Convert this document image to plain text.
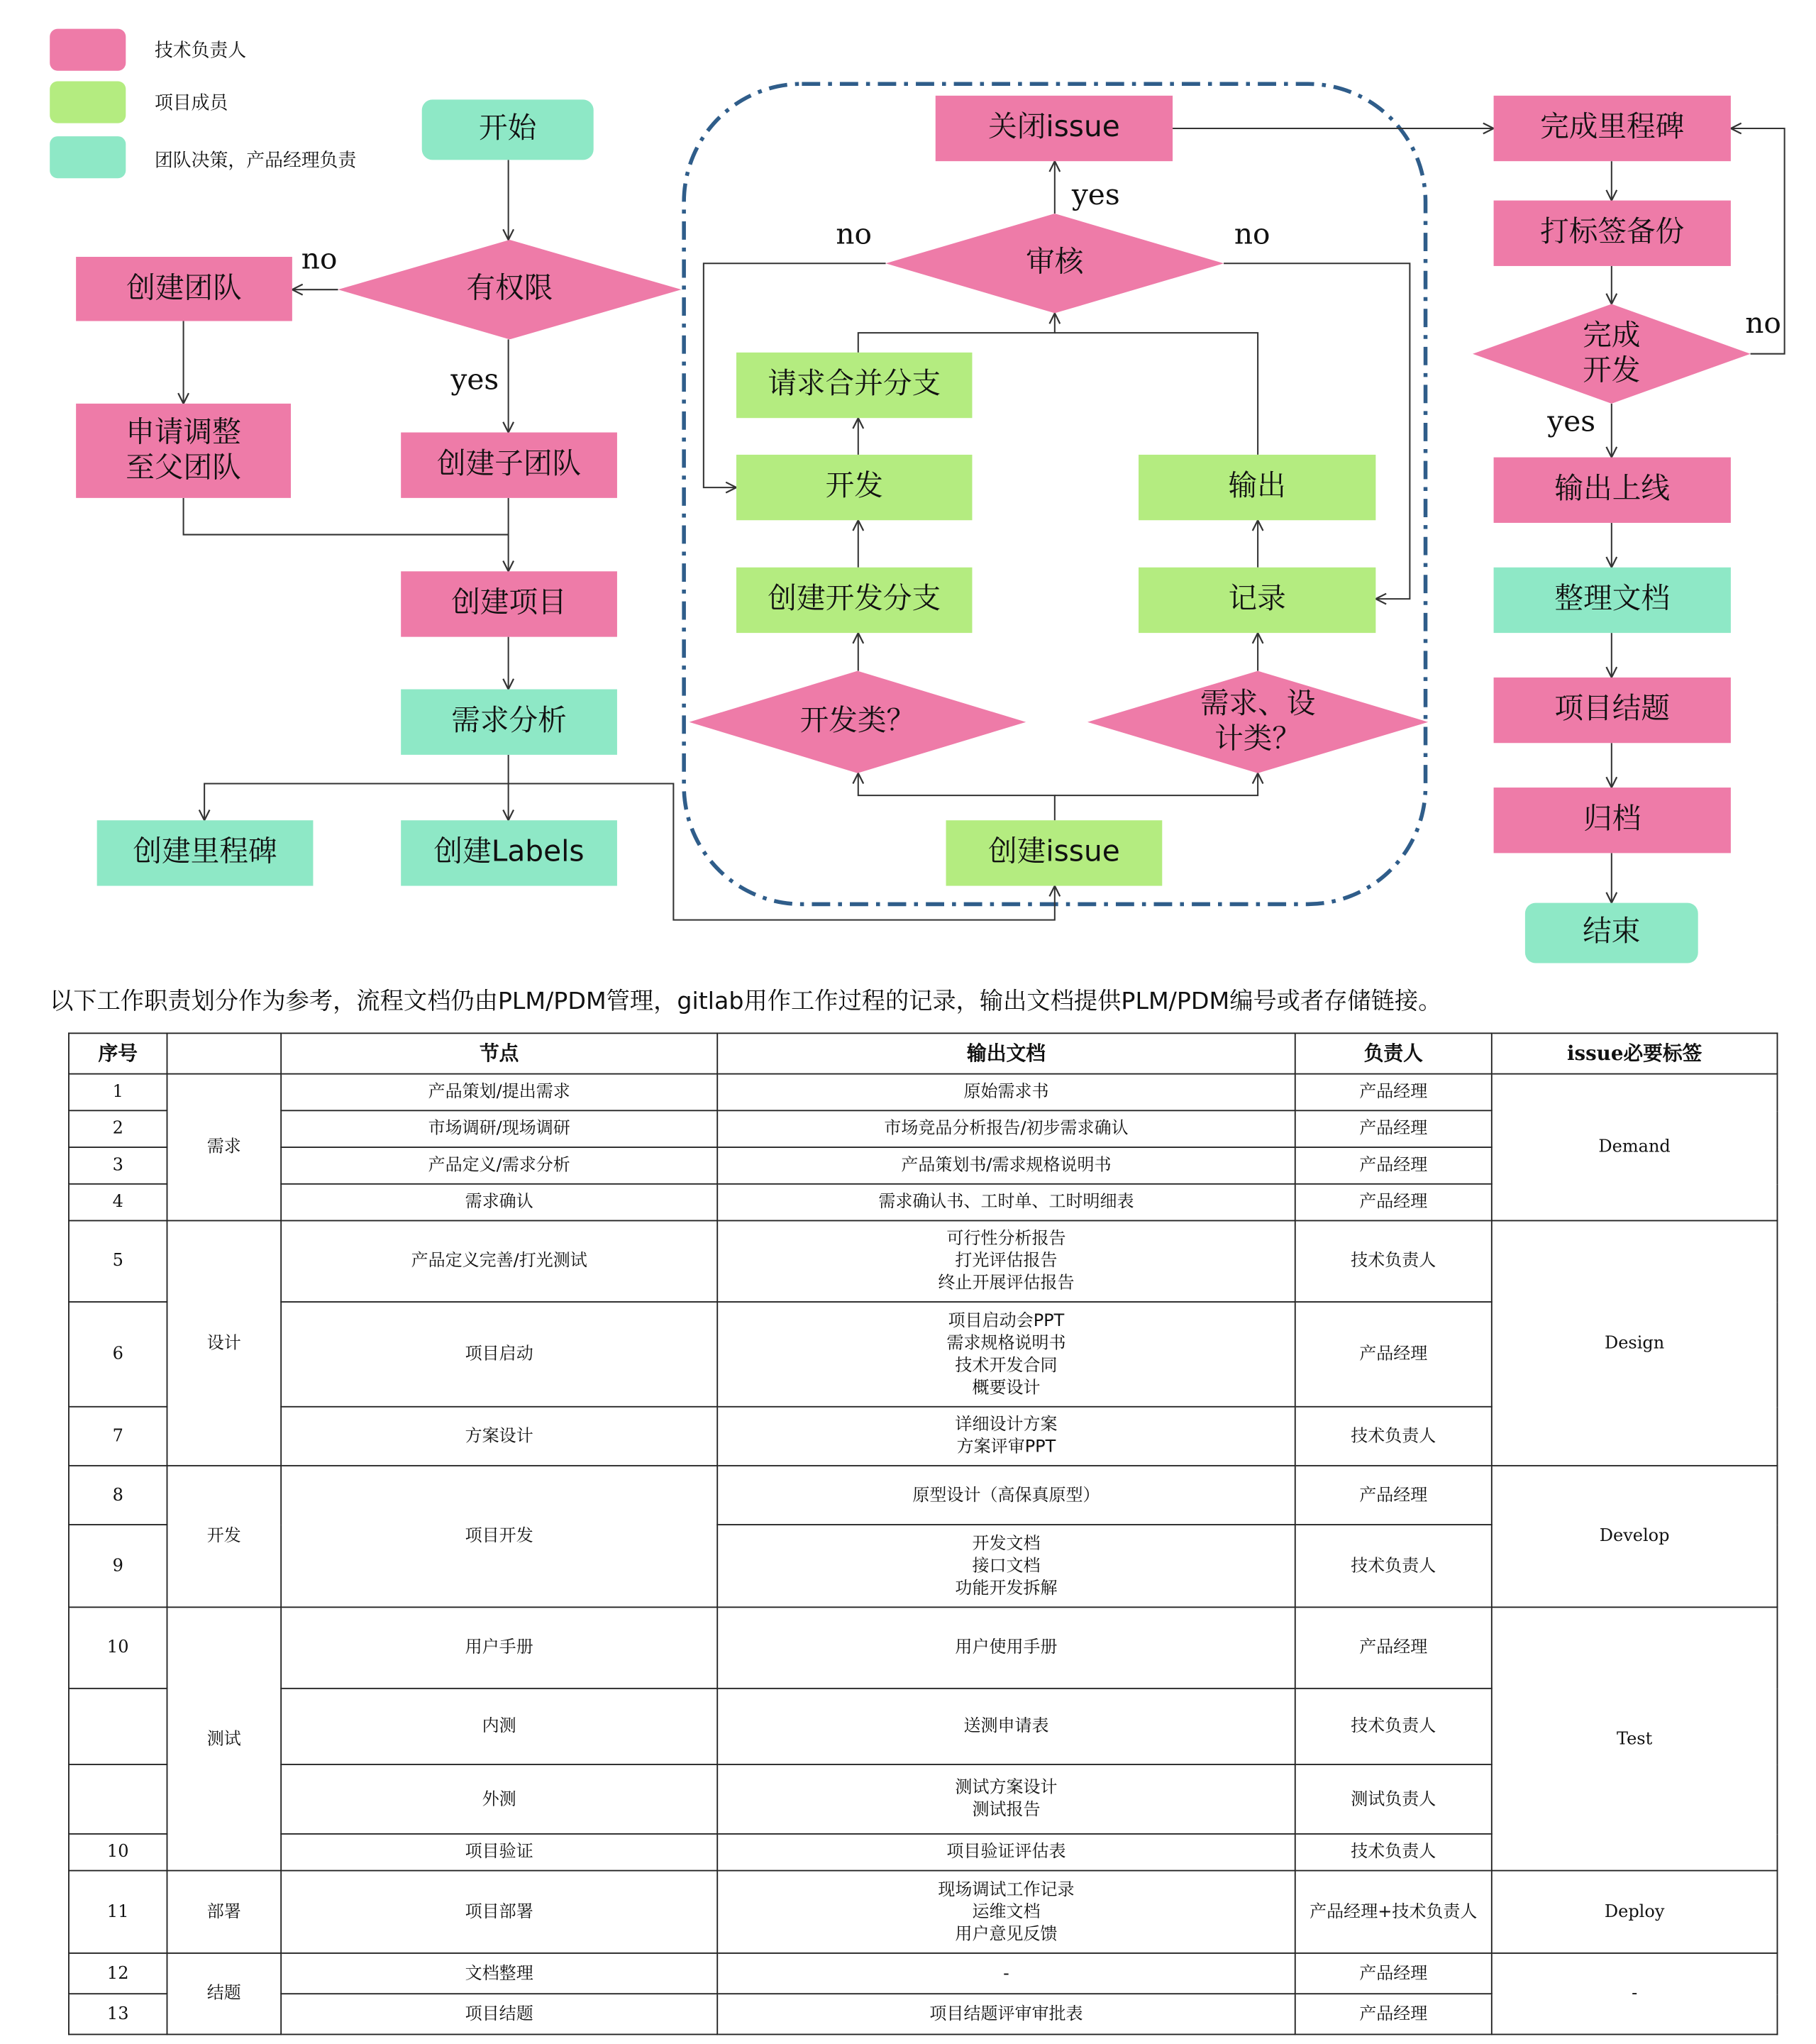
技术负责人
项目成员
团队决策，产品经理负责
开始
有权限
创建团队
申请调整
至父团队	创建子团队
创建项目
需求分析
创建里程碑	创建Labels
no
yes
关闭issue
审核
请求合并分支
开发	输出
创建开发分支	记录
开发类？
需求、设
计类？
创建issue
yes
no	no
完成里程碑
打标签备份
完成
开发
输出上线
整理文档
项目结题
归档
结束
no
yes
以下工作职责划分作为参考，流程文档仍由PLM/PDM管理，gitlab用作工作过程的记录，输出文档提供PLM/PDM编号或者存储链接。
序号		节点	输出文档	负责人	issue必要标签
1	需求	产品策划/提出需求	原始需求书	产品经理	Demand
2		市场调研/现场调研	市场竞品分析报告/初步需求确认	产品经理	
3		产品定义/需求分析	产品策划书/需求规格说明书	产品经理	
4		需求确认	需求确认书、工时单、工时明细表	产品经理	
5	设计	产品定义完善/打光测试	可行性分析报告
打光评估报告
终止开展评估报告	技术负责人	Design
6		项目启动	项目启动会PPT
需求规格说明书
技术开发合同
概要设计	产品经理	
7		方案设计	详细设计方案
方案评审PPT	技术负责人	
8	开发	项目开发	原型设计（高保真原型）	产品经理	Develop
9			开发文档
接口文档
功能开发拆解	技术负责人	
10	测试	用户手册	用户使用手册	产品经理	Test
		内测	送测申请表	技术负责人	
		外测	测试方案设计
测试报告	测试负责人	
10		项目验证	项目验证评估表	技术负责人	
11	部署	项目部署	现场调试工作记录
运维文档
用户意见反馈	产品经理+技术负责人	Deploy
12	结题	文档整理	-	产品经理	-
13		项目结题	项目结题评审审批表	产品经理	
